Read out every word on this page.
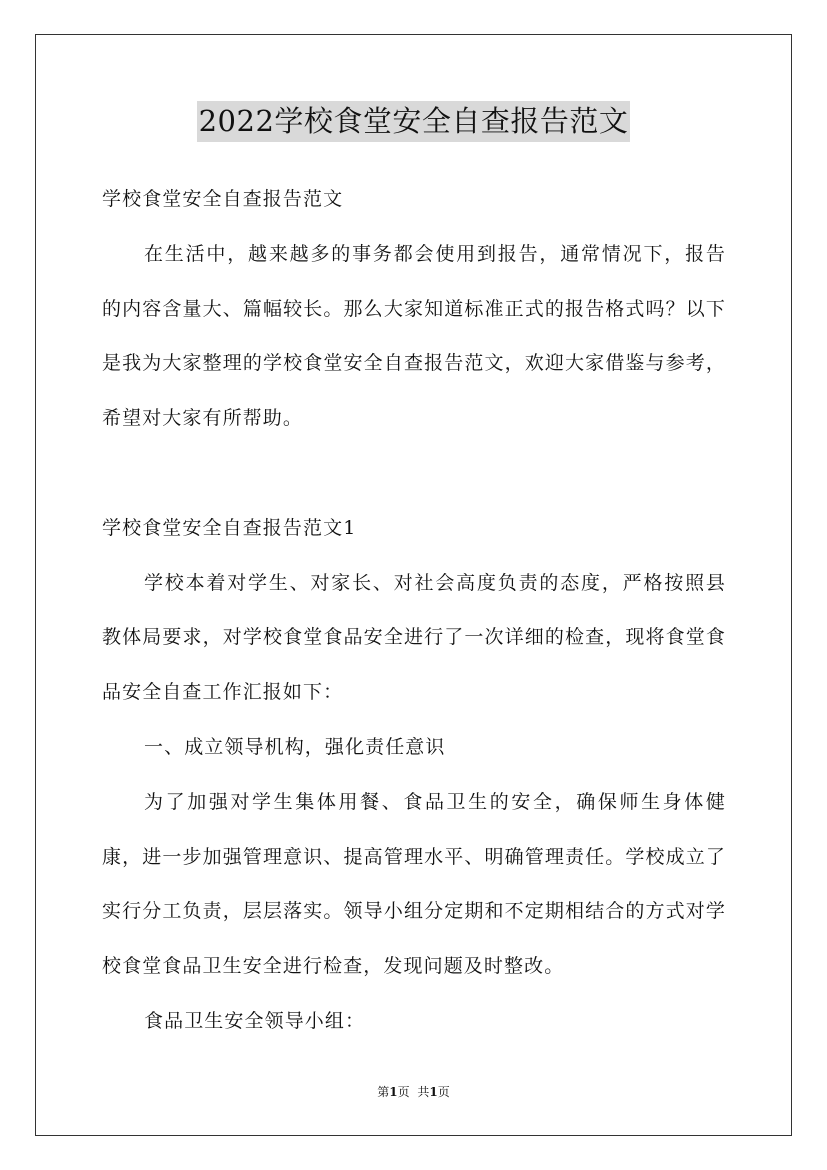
2022学校食堂安全自查报告范文

学校食堂安全自查报告范文

在生活中，越来越多的事务都会使用到报告，通常情况下，报告的内容含量大、篇幅较长。那么大家知道标准正式的报告格式吗？以下是我为大家整理的学校食堂安全自查报告范文，欢迎大家借鉴与参考，希望对大家有所帮助。

学校食堂安全自查报告范文1

学校本着对学生、对家长、对社会高度负责的态度，严格按照县教体局要求，对学校食堂食品安全进行了一次详细的检查，现将食堂食品安全自查工作汇报如下：

一、成立领导机构，强化责任意识

为了加强对学生集体用餐、食品卫生的安全，确保师生身体健康，进一步加强管理意识、提高管理水平、明确管理责任。学校成立了实行分工负责，层层落实。领导小组分定期和不定期相结合的方式对学校食堂食品卫生安全进行检查，发现问题及时整改。

食品卫生安全领导小组：

第1页 共1页
